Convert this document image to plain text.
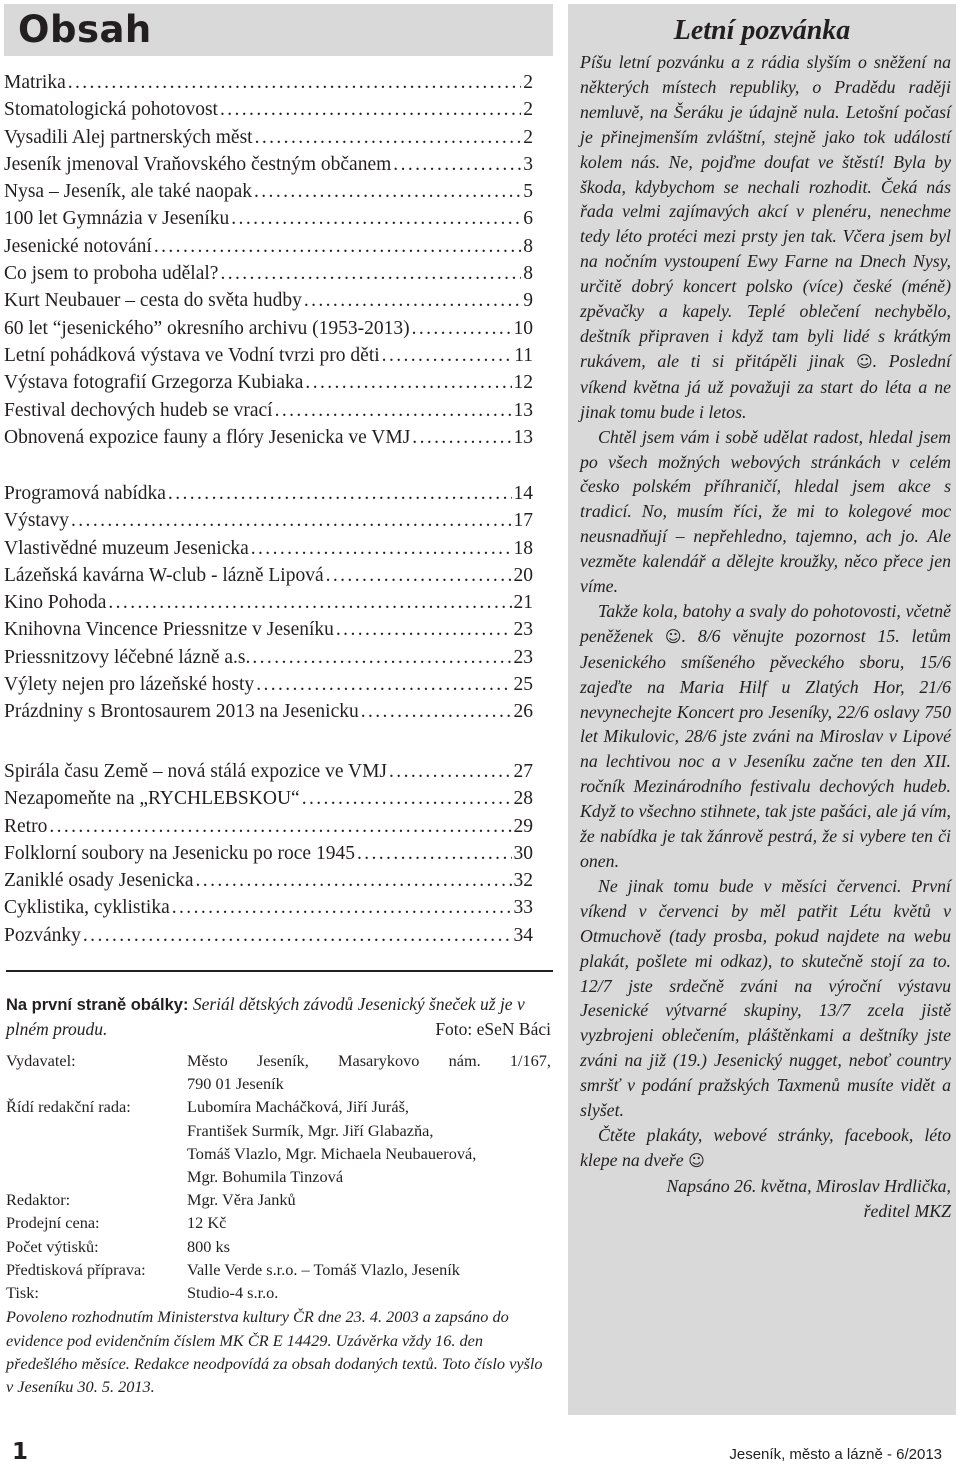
Obsah
Matrika .....	2
Stomatologická pohotovost .....	2
Vysadili Alej partnerských měst .....	2
Jeseník jmenoval Vraňovského čestným občanem .....	3
Nysa – Jeseník, ale také naopak .....	5
100 let Gymnázia v Jeseníku .....	6
Jesenické notování .....	8
Co jsem to proboha udělal? .....	8
Kurt Neubauer – cesta do světa hudby .....	9
60 let “jesenického” okresního archivu (1953-2013) .....	10
Letní pohádková výstava ve Vodní tvrzi pro děti .....	11
Výstava fotografií Grzegorza Kubiaka .....	12
Festival dechových hudeb se vrací .....	13
Obnovená expozice fauny a flóry Jesenicka ve VMJ .....	13
Programová nabídka .....	14
Výstavy .....	17
Vlastivědné muzeum Jesenicka .....	18
Lázeňská kavárna W-club - lázně Lipová .....	20
Kino Pohoda .....	21
Knihovna Vincence Priessnitze v Jeseníku .....	23
Priessnitzovy léčebné lázně a.s. .....	23
Výlety nejen pro lázeňské hosty .....	25
Prázdniny s Brontosaurem 2013 na Jesenicku .....	26
Spirála času Země – nová stálá expozice ve VMJ .....	27
Nezapomeňte na „RYCHLEBSKOU“ .....	28
Retro .....	29
Folklorní soubory na Jesenicku po roce 1945 .....	30
Zaniklé osady Jesenicka .....	32
Cyklistika, cyklistika .....	33
Pozvánky .....	34
Na první straně obálky: Seriál dětských závodů Jesenický šneček už je v plném proudu.	Foto: eSeN Báci
Vydavatel:	Město Jeseník, Masarykovo nám. 1/167,
790 01 Jeseník
Řídí redakční rada:	Lubomíra Macháčková, Jiří Juráš,
František Surmík, Mgr. Jiří Glabazňa,
Tomáš Vlazlo, Mgr. Michaela Neubauerová,
Mgr. Bohumila Tinzová
Redaktor:	Mgr. Věra Janků
Prodejní cena:	12 Kč
Počet výtisků:	800 ks
Předtisková příprava:	Valle Verde s.r.o. – Tomáš Vlazlo, Jeseník
Tisk:	Studio-4 s.r.o.
Povoleno rozhodnutím Ministerstva kultury ČR dne 23. 4. 2003 a zapsáno do evidence pod evidenčním číslem MK ČR E 14429. Uzávěrka vždy 16. den předešlého měsíce. Redakce neodpovídá za obsah dodaných textů. Toto číslo vyšlo v Jeseníku 30. 5. 2013.
Letní pozvánka

Píšu letní pozvánku a z rádia slyším o sněžení na některých místech republiky, o Pradědu raději nemluvě, na Šeráku je údajně nula. Letošní počasí je přinejmenším zvláštní, stejně jako tok událostí kolem nás. Ne, pojďme doufat ve štěstí! Byla by škoda, kdybychom se nechali rozhodit. Čeká nás řada velmi zajímavých akcí v plenéru, nenechme tedy léto protéci mezi prsty jen tak. Včera jsem byl na nočním vystoupení Ewy Farne na Dnech Nysy, určitě dobrý koncert polsko (více) české (méně) zpěvačky a kapely. Teplé oblečení nechybělo, deštník připraven i když tam byli lidé s krátkým rukávem, ale ti si přitápěli jinak ☺. Poslední víkend května já už považuji za start do léta a ne jinak tomu bude i letos.

Chtěl jsem vám i sobě udělat radost, hledal jsem po všech možných webových stránkách v celém česko polském příhraničí, hledal jsem akce s tradicí. No, musím říci, že mi to kolegové moc neusnadňují – nepřehledno, tajemno, ach jo. Ale vezměte kalendář a dělejte kroužky, něco přece jen víme.

Takže kola, batohy a svaly do pohotovosti, včetně peněženek ☺. 8/6 věnujte pozornost 15. letům Jesenického smíšeného pěveckého sboru, 15/6 zajeďte na Maria Hilf u Zlatých Hor, 21/6 nevynechejte Koncert pro Jeseníky, 22/6 oslavy 750 let Mikulovic, 28/6 jste zváni na Miroslav v Lipové na lechtivou noc a v Jeseníku začne ten den XII. ročník Mezinárodního festivalu dechových hudeb. Když to všechno stihnete, tak jste pašáci, ale já vím, že nabídka je tak žánrově pestrá, že si vybere ten či onen.

Ne jinak tomu bude v měsíci červenci. První víkend v červenci by měl patřit Létu květů v Otmuchově (tady prosba, pokud najdete na webu plakát, pošlete mi odkaz), to skutečně stojí za to. 12/7 jste srdečně zváni na výroční výstavu Jesenické výtvarné skupiny, 13/7 zcela jistě vyzbrojeni oblečením, pláštěnkami a deštníky jste zváni na již (19.) Jesenický nugget, neboť country smršť v podání pražských Taxmenů musíte vidět a slyšet.

Čtěte plakáty, webové stránky, facebook, léto klepe na dveře ☺

Napsáno 26. května, Miroslav Hrdlička,

ředitel MKZ

1	Jeseník, město a lázně - 6/2013
